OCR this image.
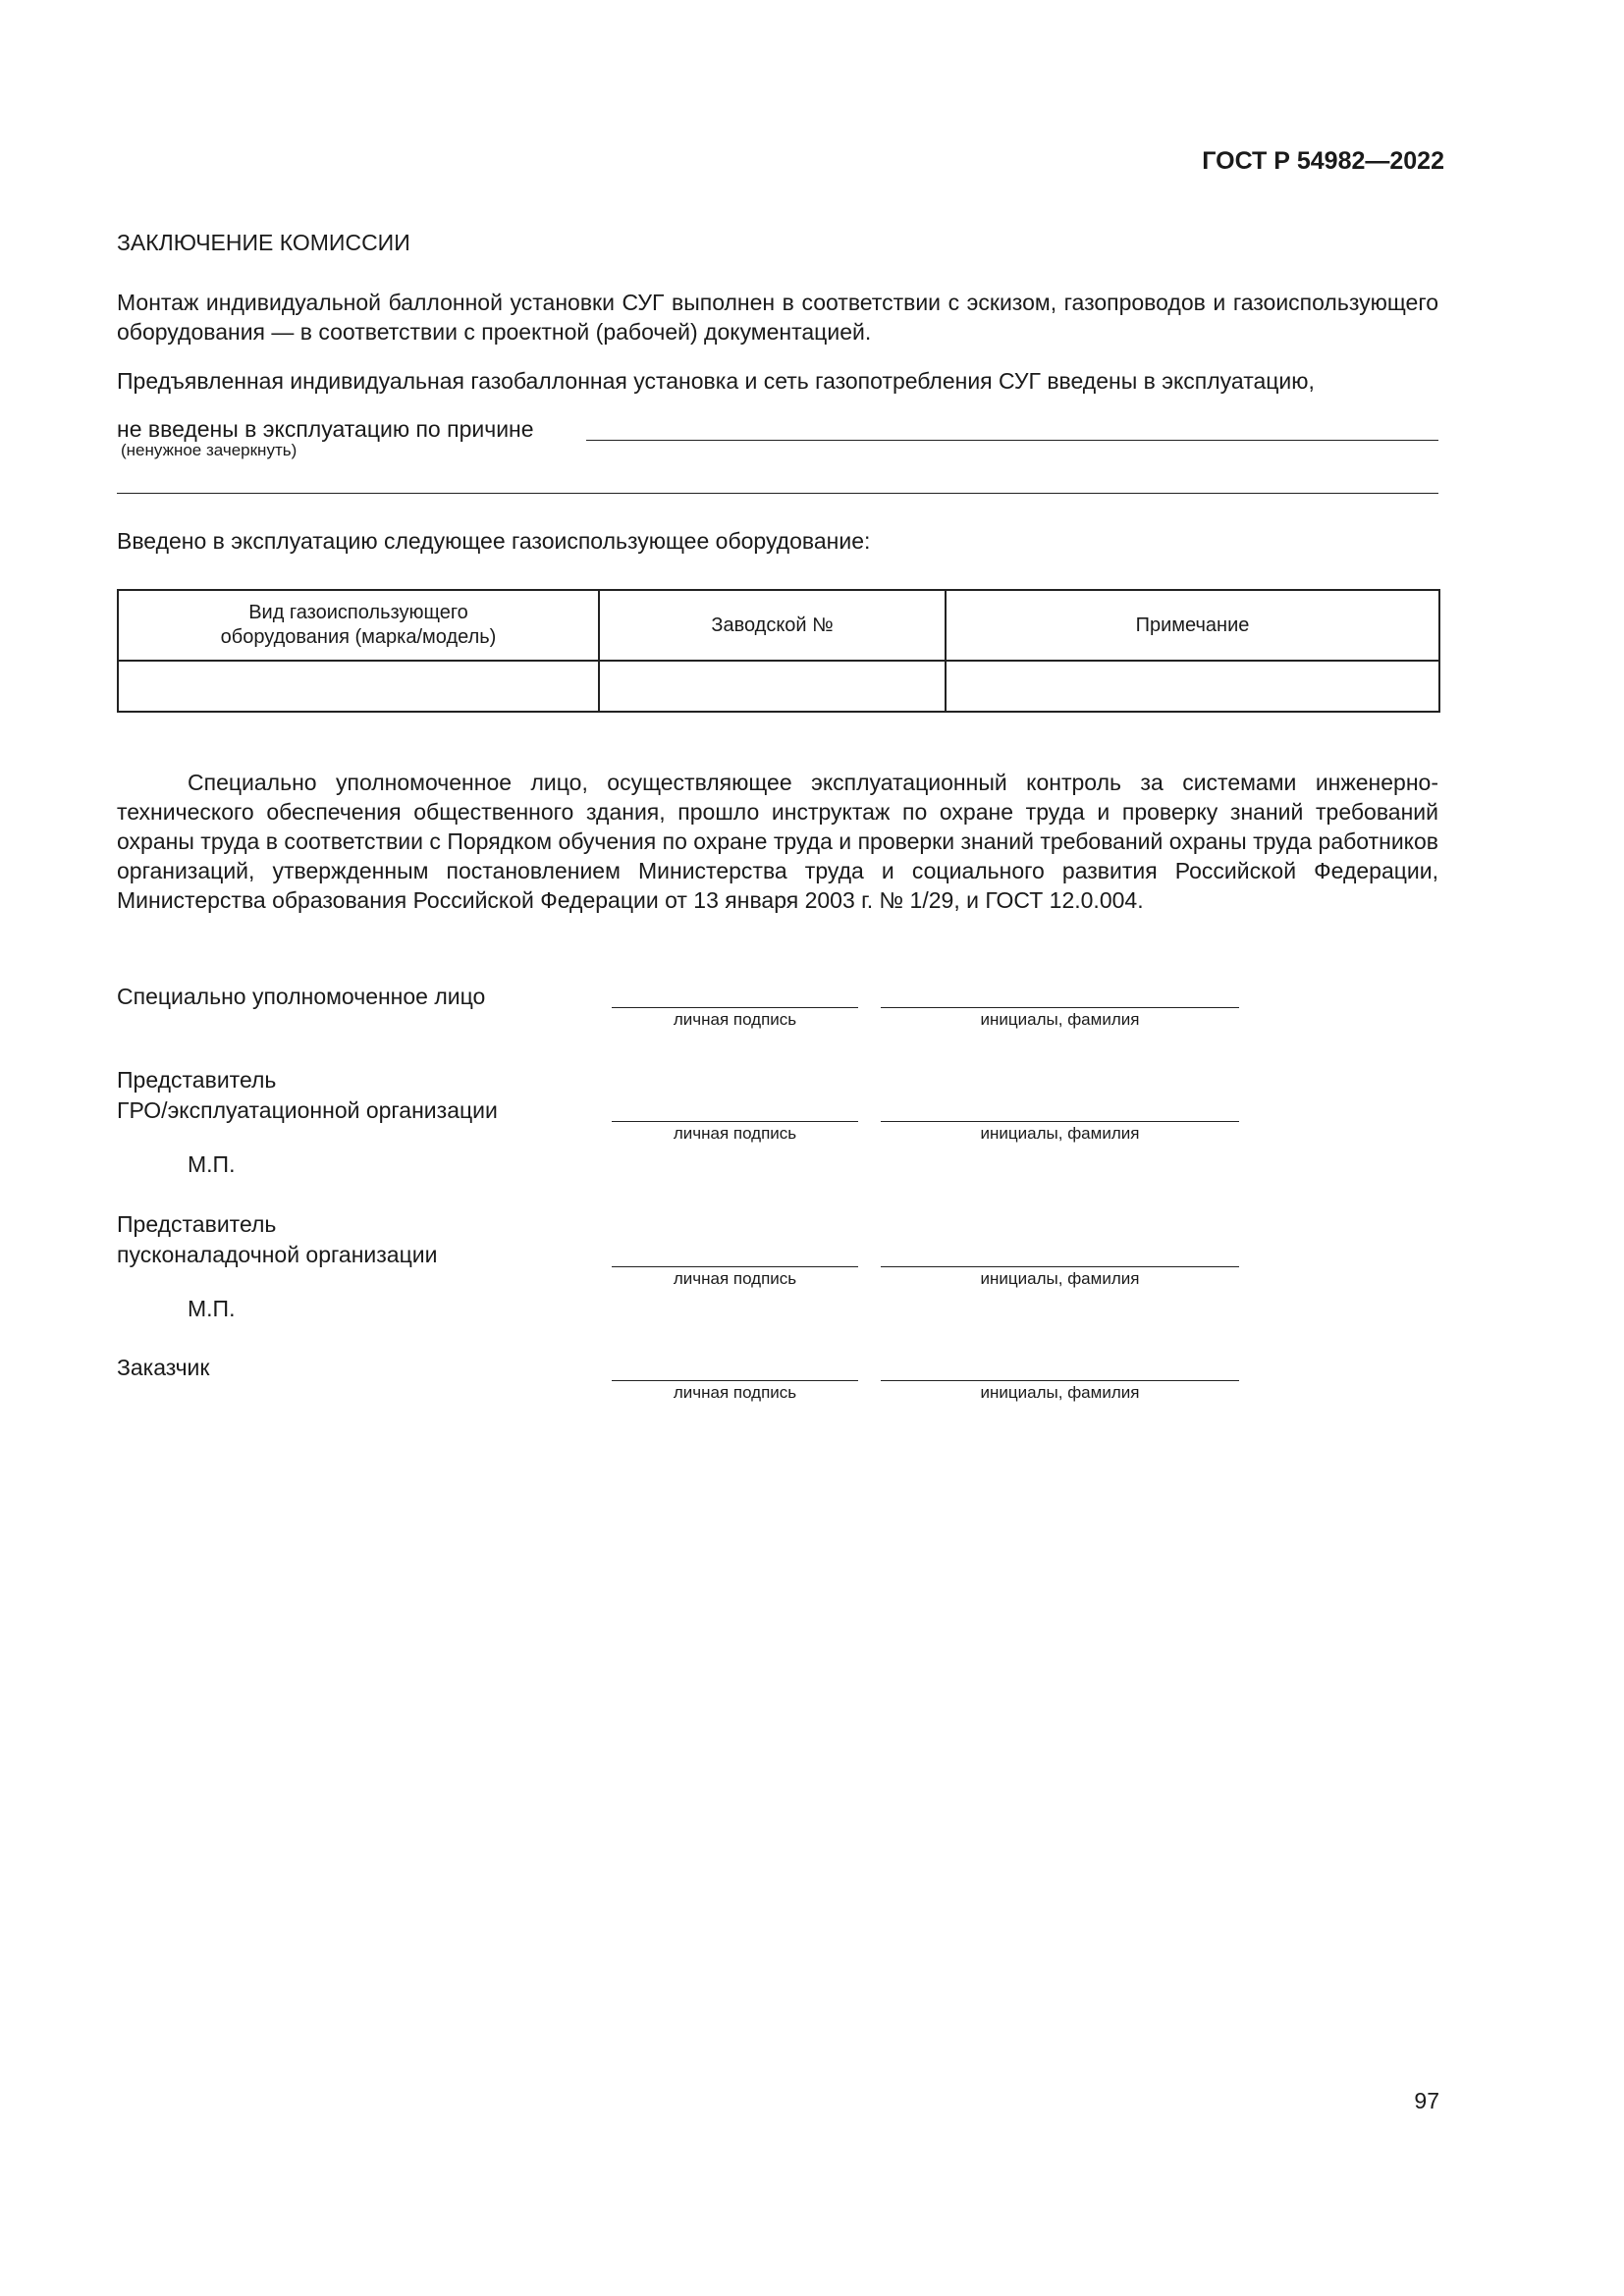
ГОСТ Р 54982—2022
ЗАКЛЮЧЕНИЕ КОМИССИИ
Монтаж индивидуальной баллонной установки СУГ выполнен в соответствии с эскизом, газопроводов и газоиспользующего оборудования — в соответствии с проектной (рабочей) документацией.
Предъявленная индивидуальная газобаллонная установка и сеть газопотребления СУГ введены в эксплуатацию,
не введены в эксплуатацию по причине
(ненужное зачеркнуть)
Введено в эксплуатацию следующее газоиспользующее оборудование:
Вид газоиспользующего оборудования (марка/модель)	Заводской №	Примечание

Специально уполномоченное лицо, осуществляющее эксплуатационный контроль за системами инженерно-технического обеспечения общественного здания, прошло инструктаж по охране труда и проверку знаний требований охраны труда в соответствии с Порядком обучения по охране труда и проверки знаний требований охраны труда работников организаций, утвержденным постановлением Министерства труда и социального развития Российской Федерации, Министерства образования Российской Федерации от 13 января 2003 г. № 1/29, и ГОСТ 12.0.004.
Специально уполномоченное лицо
личная подпись	инициалы, фамилия
Представитель
ГРО/эксплуатационной организации
личная подпись	инициалы, фамилия
М.П.
Представитель
пусконаладочной организации
личная подпись	инициалы, фамилия
М.П.
Заказчик
личная подпись	инициалы, фамилия
97
